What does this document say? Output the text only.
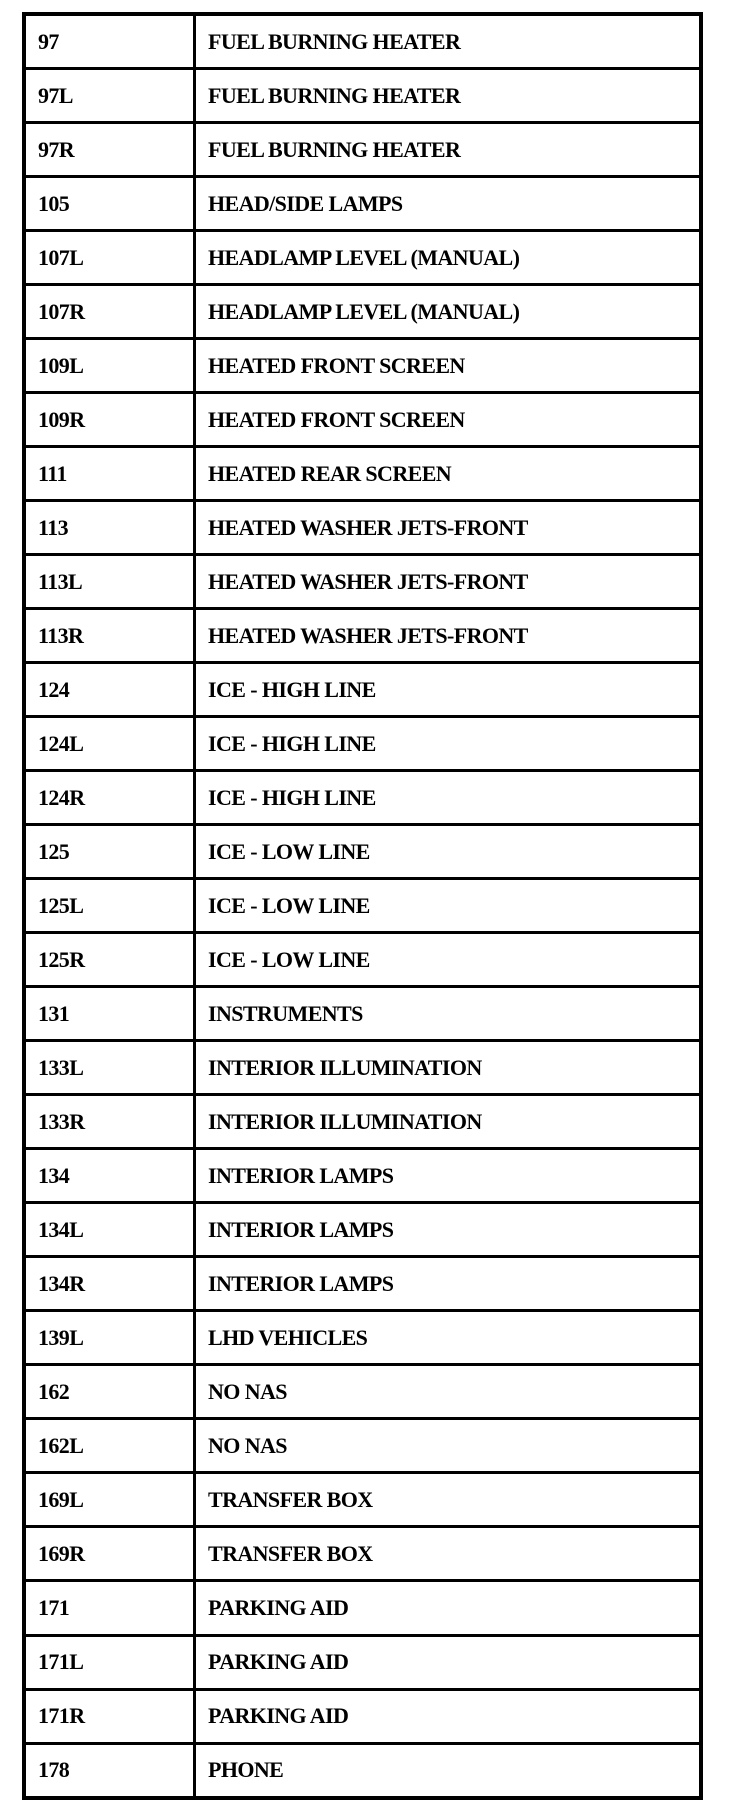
97	FUEL BURNING HEATER
97L	FUEL BURNING HEATER
97R	FUEL BURNING HEATER
105	HEAD/SIDE LAMPS
107L	HEADLAMP LEVEL (MANUAL)
107R	HEADLAMP LEVEL (MANUAL)
109L	HEATED FRONT SCREEN
109R	HEATED FRONT SCREEN
111	HEATED REAR SCREEN
113	HEATED WASHER JETS-FRONT
113L	HEATED WASHER JETS-FRONT
113R	HEATED WASHER JETS-FRONT
124	ICE - HIGH LINE
124L	ICE - HIGH LINE
124R	ICE - HIGH LINE
125	ICE - LOW LINE
125L	ICE - LOW LINE
125R	ICE - LOW LINE
131	INSTRUMENTS
133L	INTERIOR ILLUMINATION
133R	INTERIOR ILLUMINATION
134	INTERIOR LAMPS
134L	INTERIOR LAMPS
134R	INTERIOR LAMPS
139L	LHD VEHICLES
162	NO NAS
162L	NO NAS
169L	TRANSFER BOX
169R	TRANSFER BOX
171	PARKING AID
171L	PARKING AID
171R	PARKING AID
178	PHONE
